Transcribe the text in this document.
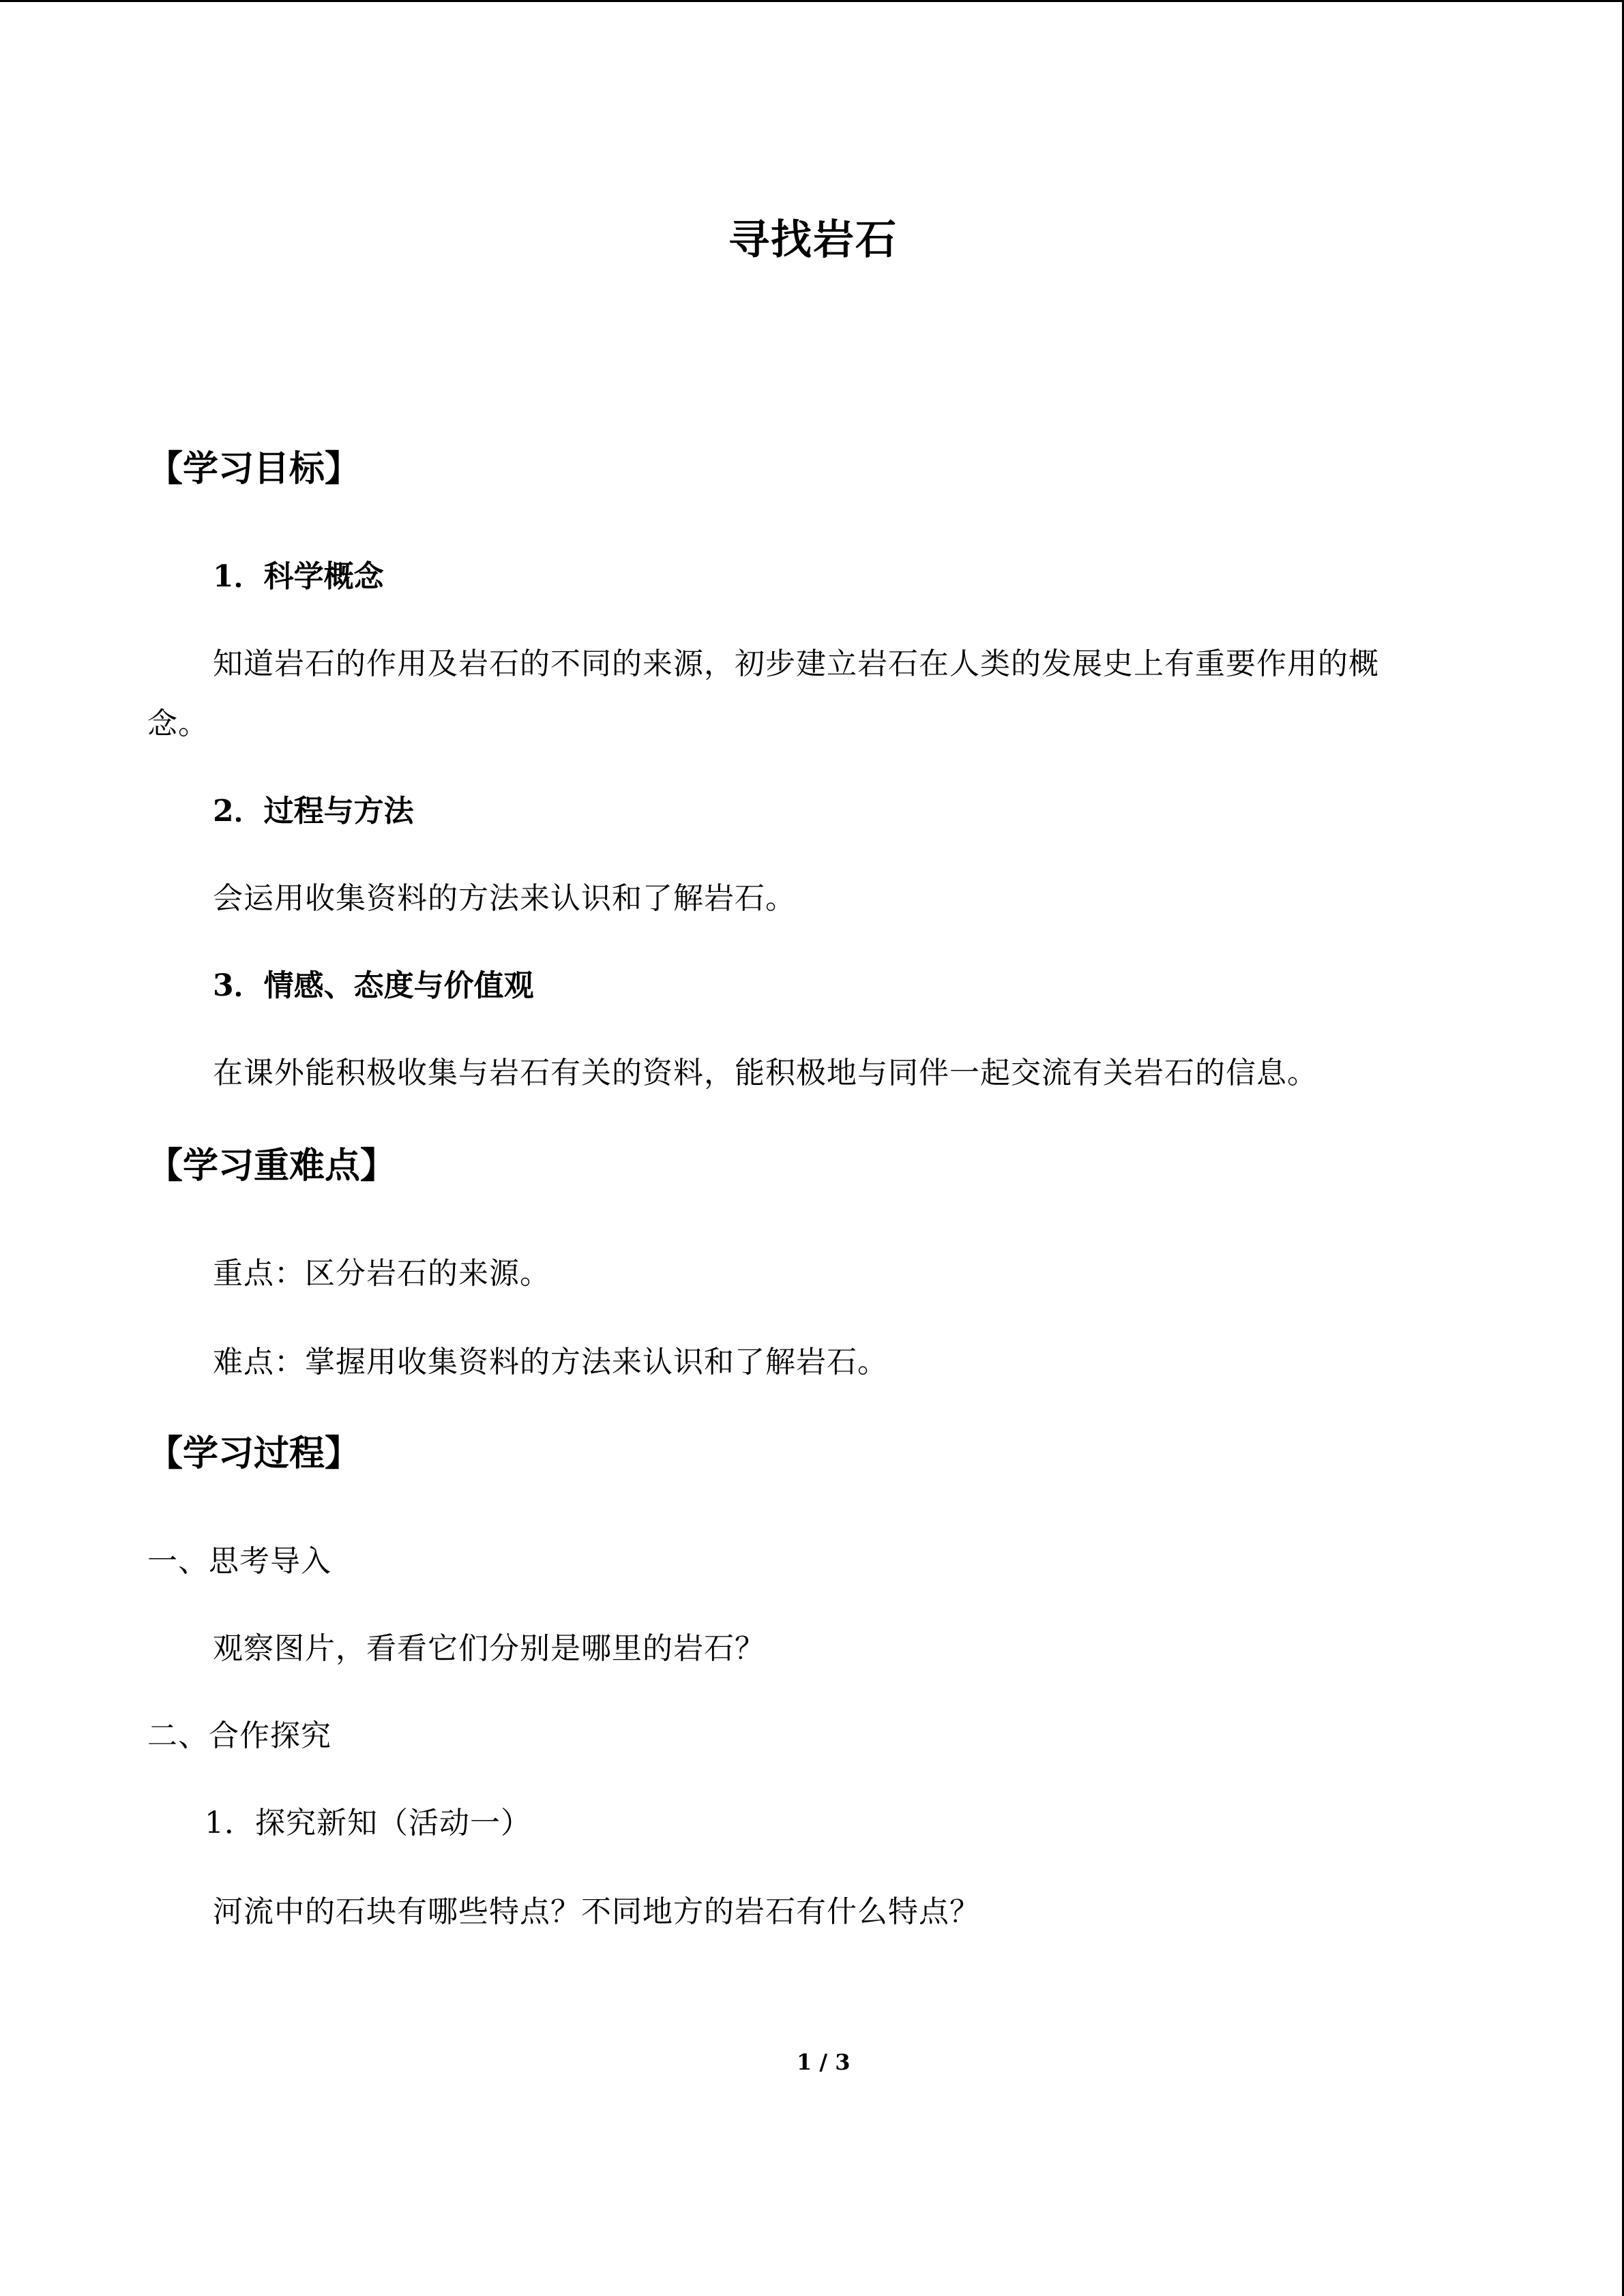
寻找岩石
【学习目标】
1．科学概念
知道岩石的作用及岩石的不同的来源，初步建立岩石在人类的发展史上有重要作用的概
念。
2．过程与方法
会运用收集资料的方法来认识和了解岩石。
3．情感、态度与价值观
在课外能积极收集与岩石有关的资料，能积极地与同伴一起交流有关岩石的信息。
【学习重难点】
重点：区分岩石的来源。
难点：掌握用收集资料的方法来认识和了解岩石。
【学习过程】
一、思考导入
观察图片，看看它们分别是哪里的岩石？
二、合作探究
1．探究新知（活动一）
河流中的石块有哪些特点？不同地方的岩石有什么特点？
1 / 3
